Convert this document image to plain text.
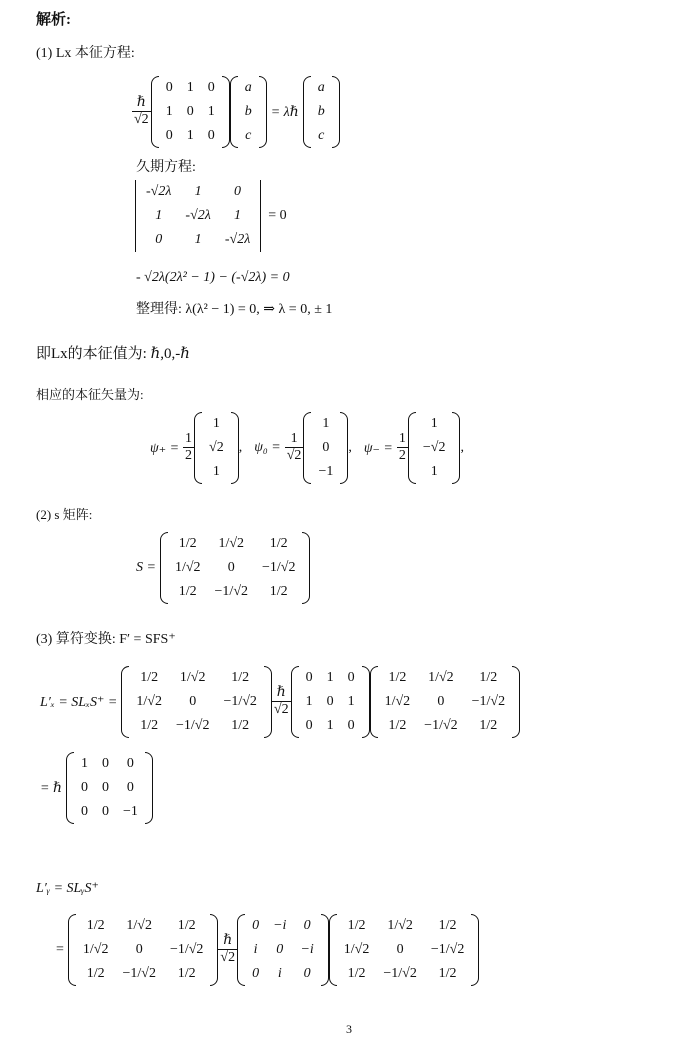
解析:
(1) Lx 本征方程:
$\frac{\text{ℏ}}{√2}$
0	1	0
1	0	1
0	1	0
a
b
c
= λℏ
a
b
c
久期方程:
-√2λ	1	0
1	-√2λ	1
0	1	-√2λ
= 0
- √2λ(2λ² − 1) − (-√2λ) = 0
整理得: λ(λ² − 1) = 0, ⇒ λ = 0, ± 1
即Lx的本征值为: ℏ,0,-ℏ
相应的本征矢量为:
$\psi_+ = \frac{1}{2}$
1
√2
1
, $\psi_0 = \frac{1}{√2}$
1
0
−1
, $\psi_- = \frac{1}{2}$
1
−√2
1
,
(2) s 矩阵:
S =
1/2	1/√2	1/2
1/√2	0	−1/√2
1/2	−1/√2	1/2
(3) 算符变换: F′ = SFS⁺
L′ₓ = SLₓS⁺ =
1/2	1/√2	1/2
1/√2	0	−1/√2
1/2	−1/√2	1/2
$\frac{\text{ℏ}}{√2}$
0	1	0
1	0	1
0	1	0
1/2	1/√2	1/2
1/√2	0	−1/√2
1/2	−1/√2	1/2
= ℏ
1	0	0
0	0	0
0	0	−1
L′ᵧ = SLᵧS⁺
=
1/2	1/√2	1/2
1/√2	0	−1/√2
1/2	−1/√2	1/2
$\frac{\text{ℏ}}{√2}$
0	−i	0
i	0	−i
0	i	0
1/2	1/√2	1/2
1/√2	0	−1/√2
1/2	−1/√2	1/2
3
